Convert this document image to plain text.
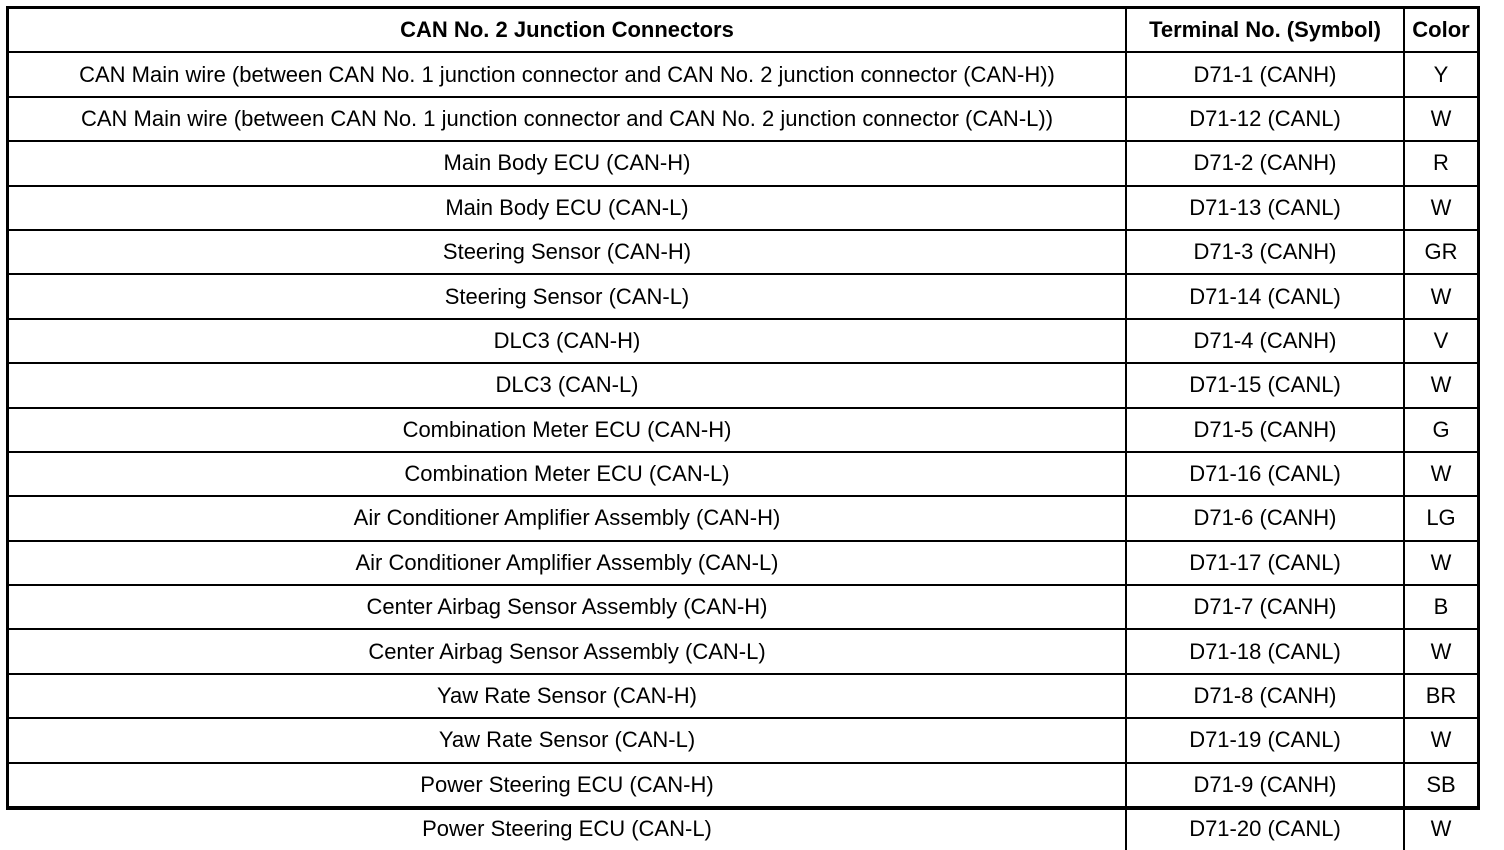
CAN No. 2 Junction Connectors	Terminal No. (Symbol)	Color
CAN Main wire (between CAN No. 1 junction connector and CAN No. 2 junction connector (CAN-H))	D71-1 (CANH)	Y
CAN Main wire (between CAN No. 1 junction connector and CAN No. 2 junction connector (CAN-L))	D71-12 (CANL)	W
Main Body ECU (CAN-H)	D71-2 (CANH)	R
Main Body ECU (CAN-L)	D71-13 (CANL)	W
Steering Sensor (CAN-H)	D71-3 (CANH)	GR
Steering Sensor (CAN-L)	D71-14 (CANL)	W
DLC3 (CAN-H)	D71-4 (CANH)	V
DLC3 (CAN-L)	D71-15 (CANL)	W
Combination Meter ECU (CAN-H)	D71-5 (CANH)	G
Combination Meter ECU (CAN-L)	D71-16 (CANL)	W
Air Conditioner Amplifier Assembly (CAN-H)	D71-6 (CANH)	LG
Air Conditioner Amplifier Assembly (CAN-L)	D71-17 (CANL)	W
Center Airbag Sensor Assembly (CAN-H)	D71-7 (CANH)	B
Center Airbag Sensor Assembly (CAN-L)	D71-18 (CANL)	W
Yaw Rate Sensor (CAN-H)	D71-8 (CANH)	BR
Yaw Rate Sensor (CAN-L)	D71-19 (CANL)	W
Power Steering ECU (CAN-H)	D71-9 (CANH)	SB
Power Steering ECU (CAN-L)	D71-20 (CANL)	W
